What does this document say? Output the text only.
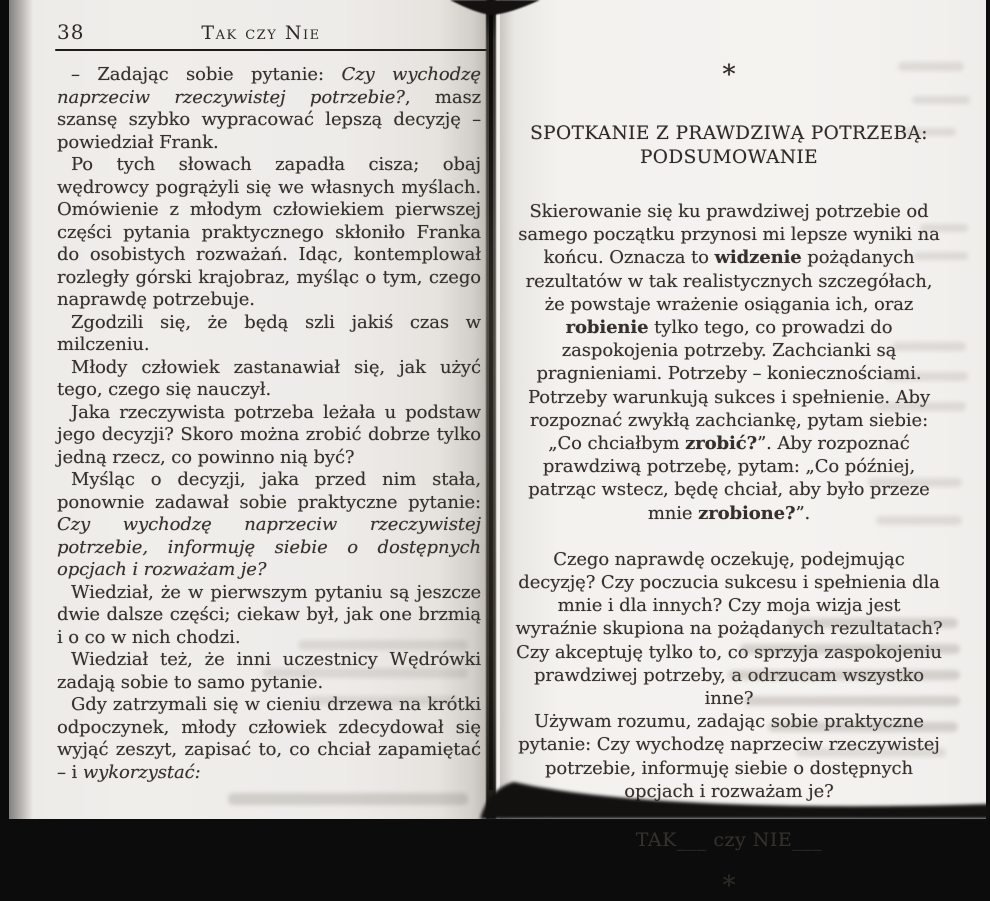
38	Tak czy Nie

– Zadając sobie pytanie: Czy wychodzę naprzeciw rzeczywistej potrzebie?, masz szansę szybko wypracować lepszą decyzję – powiedział Frank.

Po tych słowach zapadła cisza; obaj wędrowcy pogrążyli się we własnych myślach. Omówienie z młodym człowiekiem pierwszej części pytania praktycznego skłoniło Franka do osobistych rozważań. Idąc, kontemplował rozległy górski krajobraz, myśląc o tym, czego naprawdę potrzebuje.

Zgodzili się, że będą szli jakiś czas w milczeniu.

Młody człowiek zastanawiał się, jak użyć tego, czego się nauczył.

Jaka rzeczywista potrzeba leżała u podstaw jego decyzji? Skoro można zrobić dobrze tylko jedną rzecz, co powinno nią być?

Myśląc o decyzji, jaka przed nim stała, ponownie zadawał sobie praktyczne pytanie: Czy wychodzę naprzeciw rzeczywistej potrzebie, informuję siebie o dostępnych opcjach i rozważam je?

Wiedział, że w pierwszym pytaniu są jeszcze dwie dalsze części; ciekaw był, jak one brzmią i o co w nich chodzi.

Wiedział też, że inni uczestnicy Wędrówki zadają sobie to samo pytanie.

Gdy zatrzymali się w cieniu drzewa na krótki odpoczynek, młody człowiek zdecydował się wyjąć zeszyt, zapisać to, co chciał zapamiętać – i wykorzystać:

*
SPOTKANIE Z PRAWDZIWĄ POTRZEBĄ:
PODSUMOWANIE

Skierowanie się ku prawdziwej potrzebie od samego początku przynosi mi lepsze wyniki na końcu. Oznacza to widzenie pożądanych rezultatów w tak realistycznych szczegółach, że powstaje wrażenie osiągania ich, oraz robienie tylko tego, co prowadzi do zaspokojenia potrzeby. Zachcianki są pragnieniami. Potrzeby – koniecznościami. Potrzeby warunkują sukces i spełnienie. Aby rozpoznać zwykłą zachciankę, pytam siebie: „Co chciałbym zrobić?”. Aby rozpoznać prawdziwą potrzebę, pytam: „Co później, patrząc wstecz, będę chciał, aby było przeze mnie zrobione?”.

Czego naprawdę oczekuję, podejmując decyzję? Czy poczucia sukcesu i spełnienia dla mnie i dla innych? Czy moja wizja jest wyraźnie skupiona na pożądanych rezultatach? Czy akceptuję tylko to, co sprzyja zaspokojeniu prawdziwej potrzeby, a odrzucam wszystko inne?

Używam rozumu, zadając sobie praktyczne pytanie: Czy wychodzę naprzeciw rzeczywistej potrzebie, informuję siebie o dostępnych opcjach i rozważam je?

TAK___ czy NIE___
*
